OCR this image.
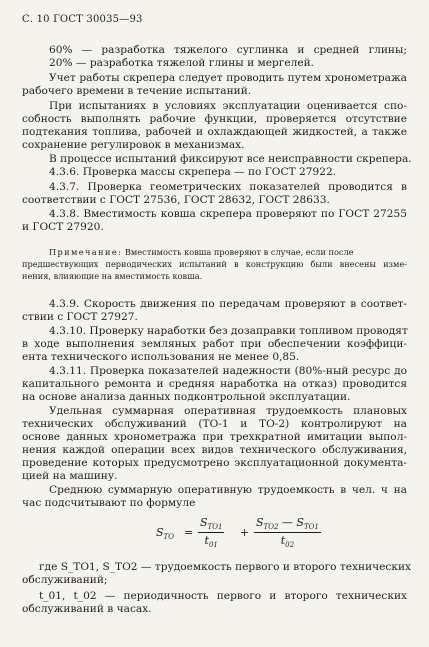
С. 10 ГОСТ 30035—93
60% — разработка тяжелого суглинка и средней глины;
20% — разработка тяжелой глины и мергелей.
Учет работы скрепера следует проводить путем хронометража
рабочего времени в течение испытаний.
При испытаниях в условиях эксплуатации оценивается спо-
собность выполнять рабочие функции, проверяется отсутствие
подтекания топлива, рабочей и охлаждающей жидкостей, а также
сохранение регулировок в механизмах.
В процессе испытаний фиксируют все неисправности скрепера.
4.3.6. Проверка массы скрепера — по ГОСТ 27922.
4.3.7. Проверка геометрических показателей проводится в
соответствии с ГОСТ 27536, ГОСТ 28632, ГОСТ 28633.
4.3.8. Вместимость ковша скрепера проверяют по ГОСТ 27255
и ГОСТ 27920.
Примечание: Вместимость ковша проверяют в случае, если после
предшествующих периодических испытаний в конструкцию были внесены изме-
нения, влияющие на вместимость ковша.
4.3.9. Скорость движения по передачам проверяют в соответ-
ствии с ГОСТ 27927.
4.3.10. Проверку наработки без дозаправки топливом проводят
в ходе выполнения земляных работ при обеспечении коэффици-
ента технического использования не менее 0,85.
4.3.11. Проверка показателей надежности (80%-ный ресурс до
капитального ремонта и средняя наработка на отказ) проводится
на основе анализа данных подконтрольной эксплуатации.
Удельная суммарная оперативная трудоемкость плановых
технических обслуживаний (ТО-1 и ТО-2) контролируют на
основе данных хронометража при трехкратной имитации выпол-
нения каждой операции всех видов технического обслуживания,
проведение которых предусмотрено эксплуатационной документа-
цией на машину.
Среднюю суммарную оперативную трудоемкость в чел. ч на
час подсчитывают по формуле
$S_{ТО}$ =
$S_{ТО1}$
$t_{01}$
+
$S_{ТО2}$ — $S_{ТО1}$
$t_{02}$
где S_ТО1, S_ТО2 — трудоемкость первого и второго технических
обслуживаний;
t_01, t_02 — периодичность первого и второго технических
обслуживаний в часах.
